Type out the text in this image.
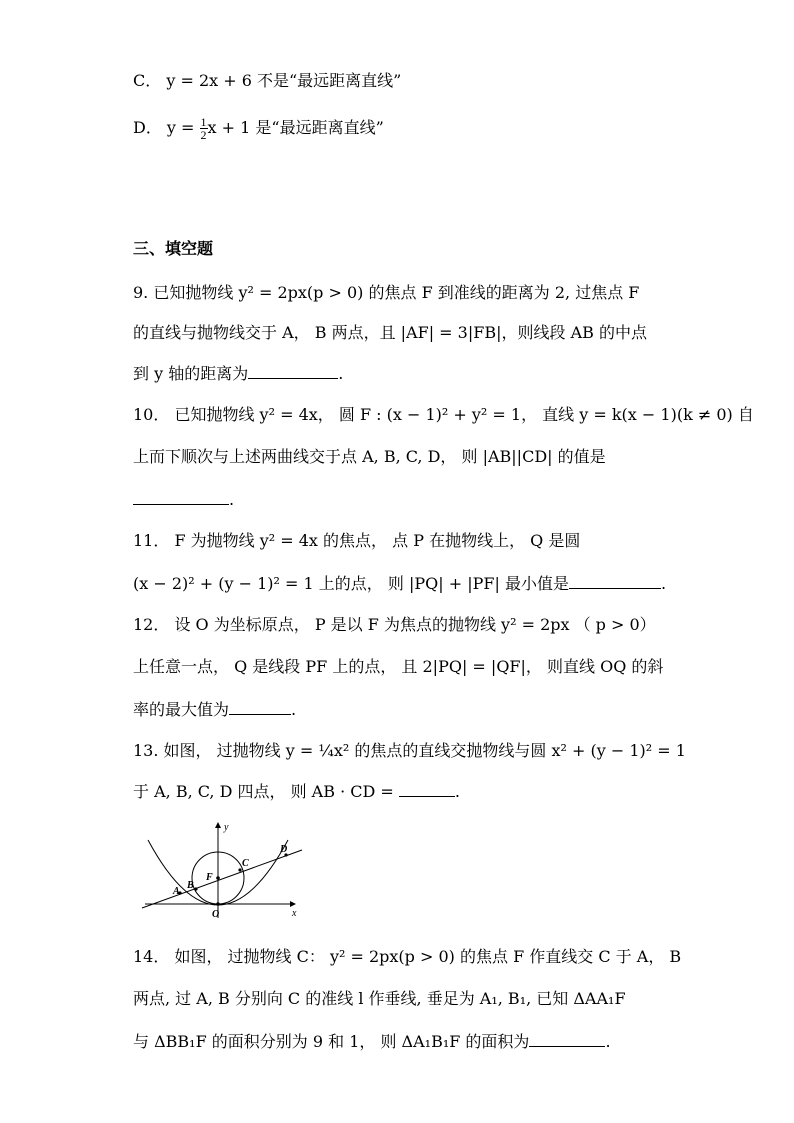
C． y = 2x + 6 不是“最远距离直线”
D． $y = \frac{1}{2}$ x + 1 是“最远距离直线”
三、填空题
9. 已知抛物线 y² = 2px(p > 0) 的焦点 F 到准线的距离为 2, 过焦点 F
的直线与抛物线交于 A， B 两点，且 |AF| = 3|FB|，则线段 AB 的中点
到 y 轴的距离为	.
10． 已知抛物线 y² = 4x， 圆 F : (x − 1)² + y² = 1， 直线 y = k(x − 1)(k ≠ 0) 自
上而下顺次与上述两曲线交于点 A, B, C, D， 则 |AB||CD| 的值是
.
11． F 为抛物线 y² = 4x 的焦点， 点 P 在抛物线上， Q 是圆
(x − 2)² + (y − 1)² = 1 上的点， 则 |PQ| + |PF| 最小值是	.
12． 设 O 为坐标原点， P 是以 F 为焦点的抛物线 y² = 2px （ p > 0）
上任意一点， Q 是线段 PF 上的点， 且 2|PQ| = |QF|， 则直线 OQ 的斜
率的最大值为	.
13. 如图， 过抛物线 y = ¼x² 的焦点的直线交抛物线与圆 x² + (y − 1)² = 1
于 A, B, C, D 四点， 则 AB · CD =	.
y
x
O
F
A
B
C
D
14． 如图， 过抛物线 C： y² = 2px(p > 0) 的焦点 F 作直线交 C 于 A， B
两点, 过 A, B 分别向 C 的准线 l 作垂线, 垂足为 A₁, B₁, 已知 ΔAA₁F
与 ΔBB₁F 的面积分别为 9 和 1， 则 ΔA₁B₁F 的面积为	.
